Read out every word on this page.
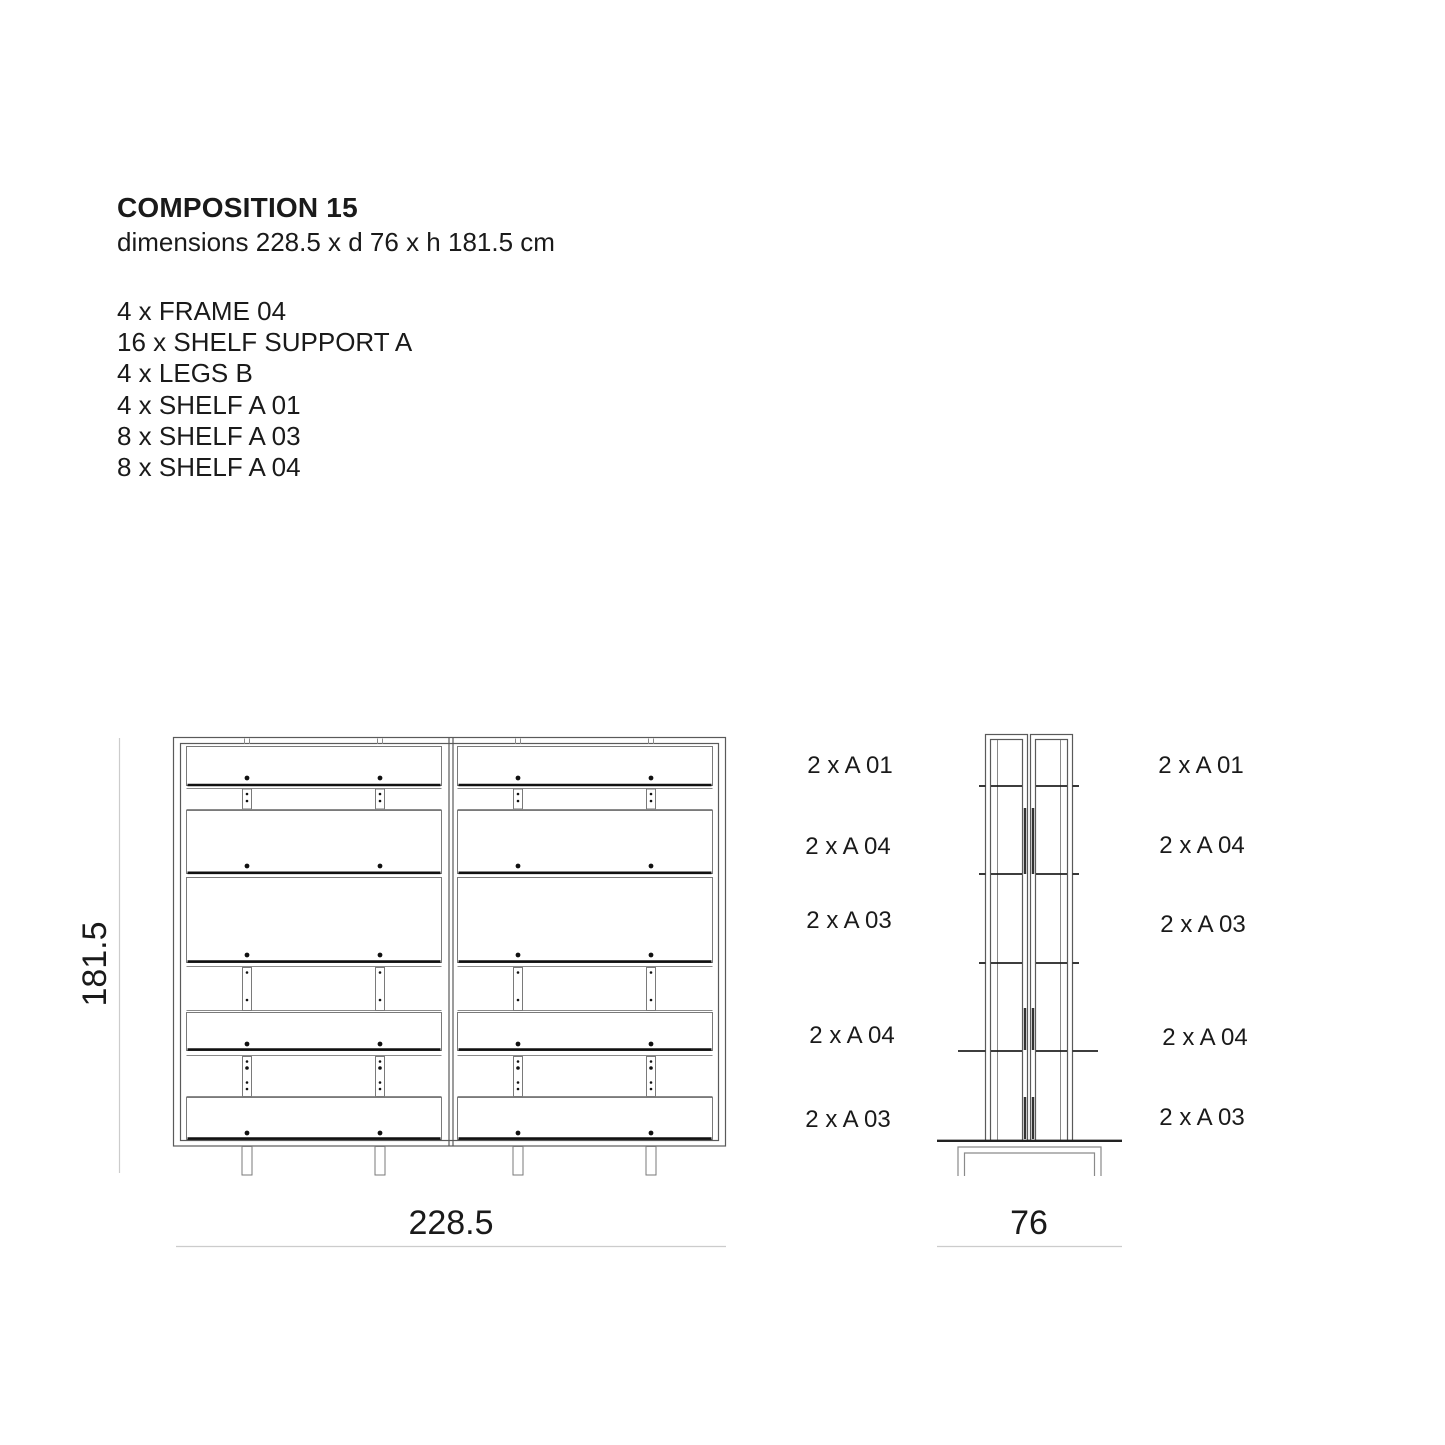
COMPOSITION 15
dimensions 228.5 x d 76 x h 181.5 cm
4 x FRAME 04
16 x SHELF SUPPORT A
4 x LEGS B
4 x SHELF A 01
8 x SHELF A 03
8 x SHELF A 04
2 x A 01
2 x A 04
2 x A 03
2 x A 04
2 x A 03
2 x A 01
2 x A 04
2 x A 03
2 x A 04
2 x A 03
181.5
228.5	76
